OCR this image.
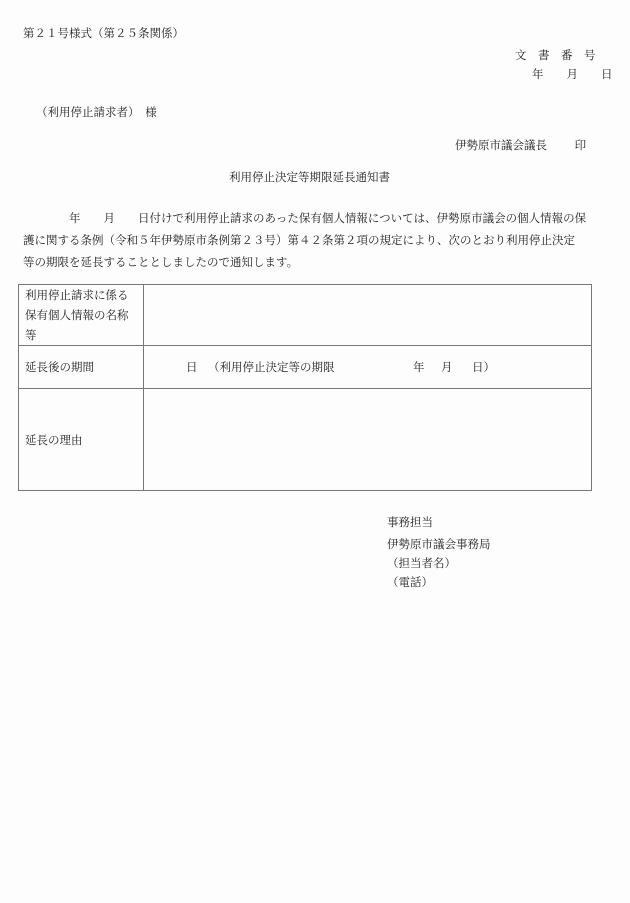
第２１号様式（第２５条関係）
文　書　番　号
年　　月　　日
（利用停止請求者）　様
伊勢原市議会議長 印
利用停止決定等期限延長通知書
　　　　年　　月　　日付けで利用停止請求のあった保有個人情報については、伊勢原市議会の個人情報の保
護に関する条例（令和５年伊勢原市条例第２３号）第４２条第２項の規定により、次のとおり利用停止決定
等の期限を延長することとしましたので通知します。
利用停止請求に係る
保有個人情報の名称
等	

延長後の期間	日 （利用停止決定等の期限 年 月 日）

延長の理由	
事務担当
伊勢原市議会事務局
（担当者名）
（電話）
